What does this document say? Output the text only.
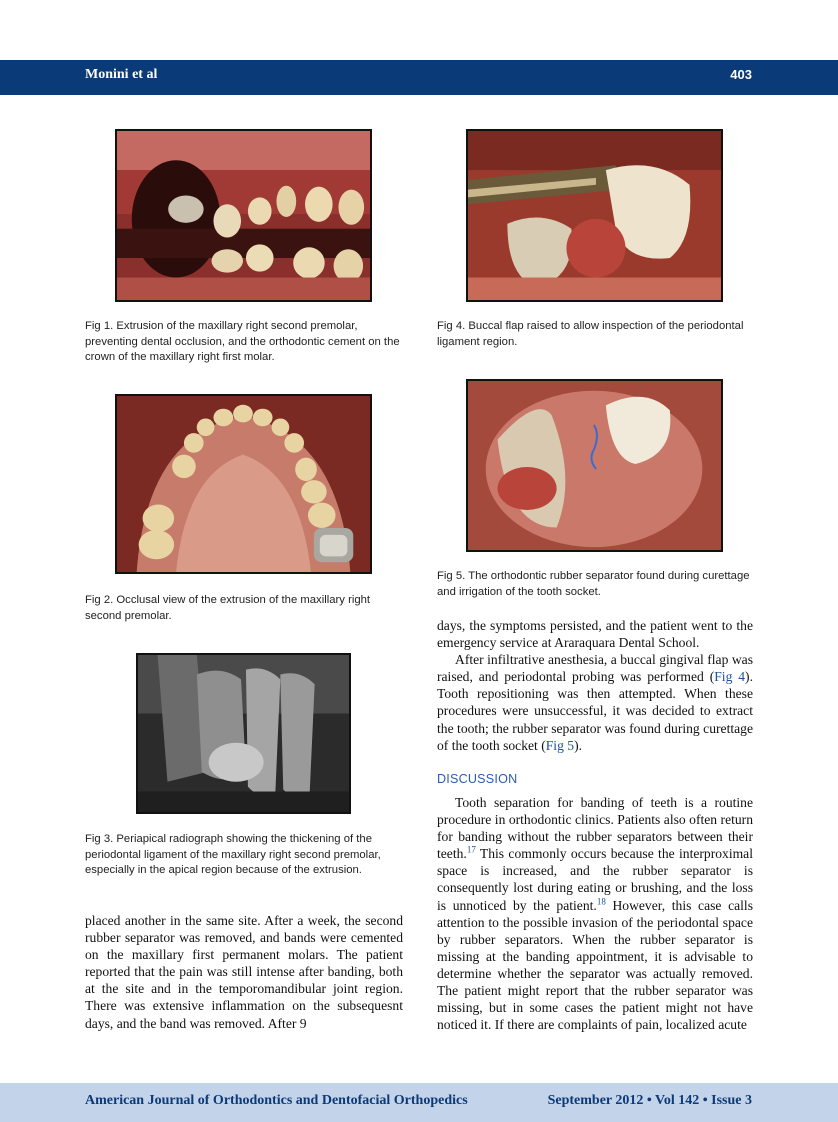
Monini et al	403
Fig 1. Extrusion of the maxillary right second premolar, preventing dental occlusion, and the orthodontic cement on the crown of the maxillary right first molar.
Fig 2. Occlusal view of the extrusion of the maxillary right second premolar.
Fig 3. Periapical radiograph showing the thickening of the periodontal ligament of the maxillary right second premolar, especially in the apical region because of the extrusion.

placed another in the same site. After a week, the second rubber separator was removed, and bands were cemented on the maxillary first permanent molars. The patient reported that the pain was still intense after banding, both at the site and in the temporomandibular joint region. There was extensive inflammation on the subsequesnt days, and the band was removed. After 9

Fig 4. Buccal flap raised to allow inspection of the periodontal ligament region.
Fig 5. The orthodontic rubber separator found during curettage and irrigation of the tooth socket.

days, the symptoms persisted, and the patient went to the emergency service at Araraquara Dental School.

After infiltrative anesthesia, a buccal gingival flap was raised, and periodontal probing was performed (Fig 4). Tooth repositioning was then attempted. When these procedures were unsuccessful, it was decided to extract the tooth; the rubber separator was found during curettage of the tooth socket (Fig 5).

DISCUSSION

Tooth separation for banding of teeth is a routine procedure in orthodontic clinics. Patients also often return for banding without the rubber separators between their teeth.$^{17}$ This commonly occurs because the interproximal space is increased, and the rubber separator is consequently lost during eating or brushing, and the loss is unnoticed by the patient.$^{18}$ However, this case calls attention to the possible invasion of the periodontal space by rubber separators. When the rubber separator is missing at the banding appointment, it is advisable to determine whether the separator was actually removed. The patient might report that the rubber separator was missing, but in some cases the patient might not have noticed it. If there are complaints of pain, localized acute

American Journal of Orthodontics and Dentofacial Orthopedics	September 2012 • Vol 142 • Issue 3
